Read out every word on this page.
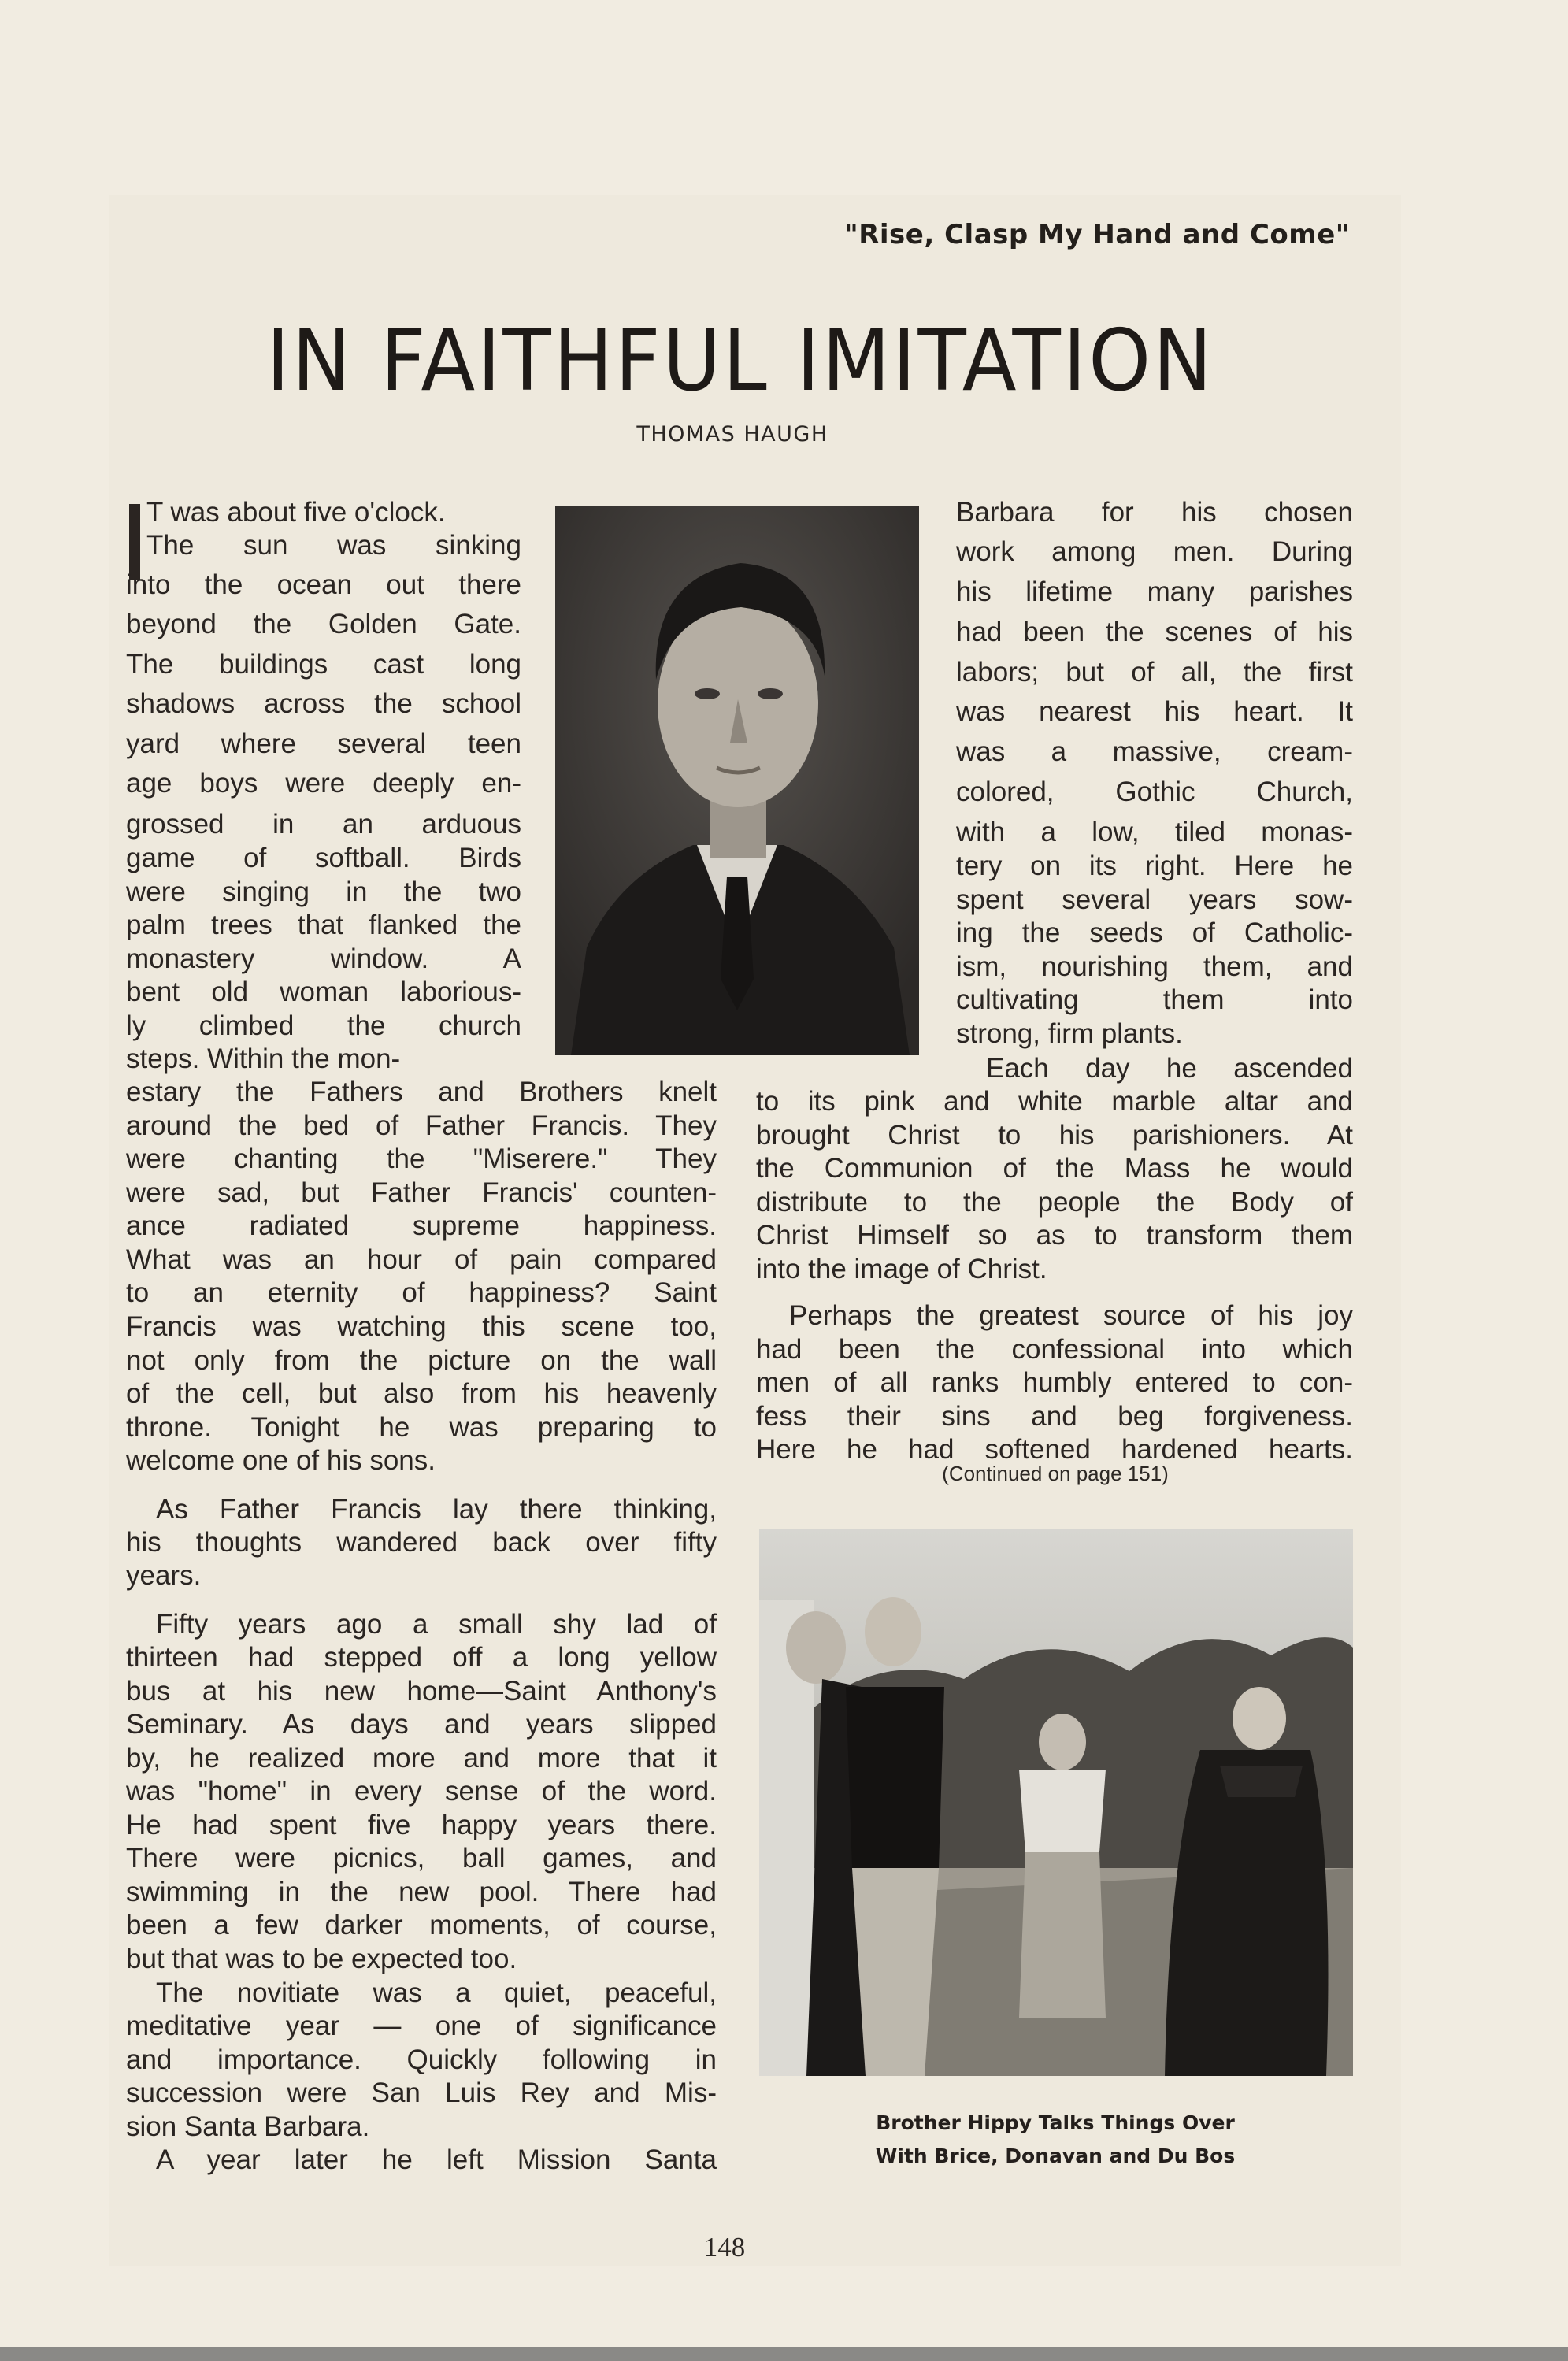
"Rise, Clasp My Hand and Come"
IN FAITHFUL IMITATION
THOMAS HAUGH
T was about five o'clock.
The sun was sinking
into the ocean out there
beyond the Golden Gate.
The buildings cast long
shadows across the school
yard where several teen
age boys were deeply en-
grossed in an arduous
game of softball. Birds
were singing in the two
palm trees that flanked the
monastery window. A
bent old woman laborious-
ly climbed the church
steps. Within the mon-
estary the Fathers and Brothers knelt
around the bed of Father Francis. They
were chanting the "Miserere." They
were sad, but Father Francis' counten-
ance radiated supreme happiness.
What was an hour of pain compared
to an eternity of happiness? Saint
Francis was watching this scene too,
not only from the picture on the wall
of the cell, but also from his heavenly
throne. Tonight he was preparing to
welcome one of his sons.
As Father Francis lay there thinking,
his thoughts wandered back over fifty
years.
Fifty years ago a small shy lad of
thirteen had stepped off a long yellow
bus at his new home—Saint Anthony's
Seminary. As days and years slipped
by, he realized more and more that it
was "home" in every sense of the word.
He had spent five happy years there.
There were picnics, ball games, and
swimming in the new pool. There had
been a few darker moments, of course,
but that was to be expected too.
The novitiate was a quiet, peaceful,
meditative year — one of significance
and importance. Quickly following in
succession were San Luis Rey and Mis-
sion Santa Barbara.
A year later he left Mission Santa
Barbara for his chosen
work among men. During
his lifetime many parishes
had been the scenes of his
labors; but of all, the first
was nearest his heart. It
was a massive, cream-
colored, Gothic Church,
with a low, tiled monas-
tery on its right. Here he
spent several years sow-
ing the seeds of Catholic-
ism, nourishing them, and
cultivating them into
strong, firm plants.
Each day he ascended
to its pink and white marble altar and
brought Christ to his parishioners. At
the Communion of the Mass he would
distribute to the people the Body of
Christ Himself so as to transform them
into the image of Christ.
Perhaps the greatest source of his joy
had been the confessional into which
men of all ranks humbly entered to con-
fess their sins and beg forgiveness.
Here he had softened hardened hearts.
(Continued on page 151)
Brother Hippy Talks Things Over
With Brice, Donavan and Du Bos
148
